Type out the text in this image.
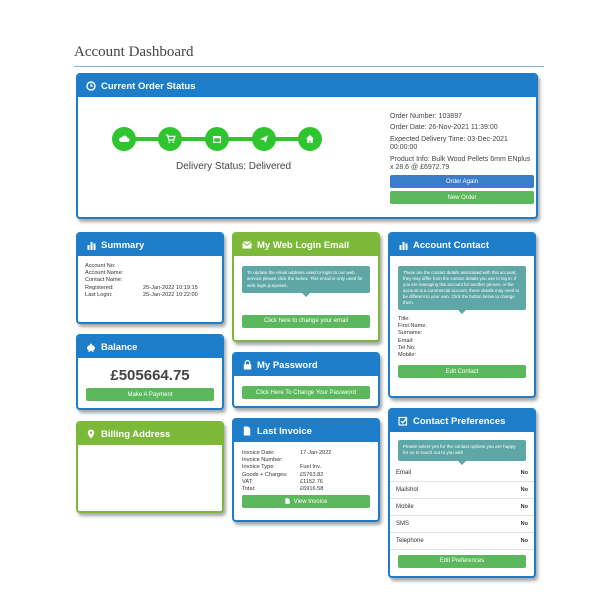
Account Dashboard
Current Order Status
Delivery Status: Delivered
Order Number: 103897
Order Date: 26-Nov-2021 11:39:00
Expected Delivery Time: 03-Dec-2021 00:00:00
Product Info: Bulk Wood Pellets 6mm ENplus x 28.6 @ £6972.79
Order Again
New Order
Summary
Account No:
Account Name:
Contact Name:
Registered:	25-Jan-2022 10:19:15
Last Login:	25-Jan-2022 10:22:00
Balance
£505664.75
Make A Payment
Billing Address
My Web Login Email
To update the email address used to login to our web service please click the below. This email is only used for web login purposes.
Click here to change your email
My Password
Click Here To Change Your Password
Last Invoice
Invoice Date:	17-Jan-2022
Invoice Number:
Invoice Type:	Fuel Inv.
Goods + Charges:	£5763.82
VAT:	£1152.76
Total:	£6916.58
View Invoice
Account Contact
These are the contact details associated with this account, they may differ from the contact details you use to log in. If you are managing this account for another person, or the account is a commercial account, these details may need to be different to your own. Click the button below to change them.
Title:
First Name:
Surname:
Email:
Tel No:
Mobile:
Edit Contact
Contact Preferences
Please select yes for the contact options you are happy for us to reach out to you with
Email	No
Mailshot	No
Mobile	No
SMS	No
Telephone	No
Edit Preferences
